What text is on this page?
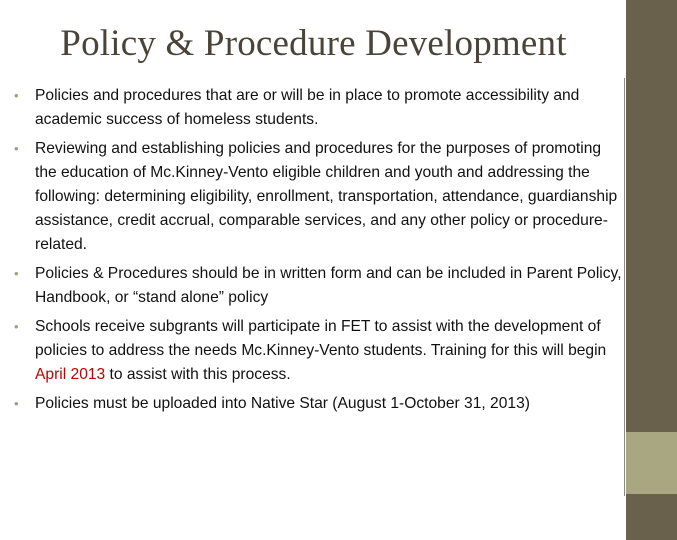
Policy & Procedure Development
• Policies and procedures that are or will be in place to promote accessibility and academic success of homeless students.
• Reviewing and establishing policies and procedures for the purposes of promoting the education of Mc.Kinney-Vento eligible children and youth and addressing the following: determining eligibility, enrollment, transportation, attendance, guardianship assistance, credit accrual, comparable services, and any other policy or procedure-related.
• Policies & Procedures should be in written form and can be included in Parent Policy, Handbook, or “stand alone” policy
• Schools receive subgrants will participate in FET to assist with the development of policies to address the needs Mc.Kinney-Vento students. Training for this will begin April 2013 to assist with this process.
• Policies must be uploaded into Native Star (August 1-October 31, 2013)
